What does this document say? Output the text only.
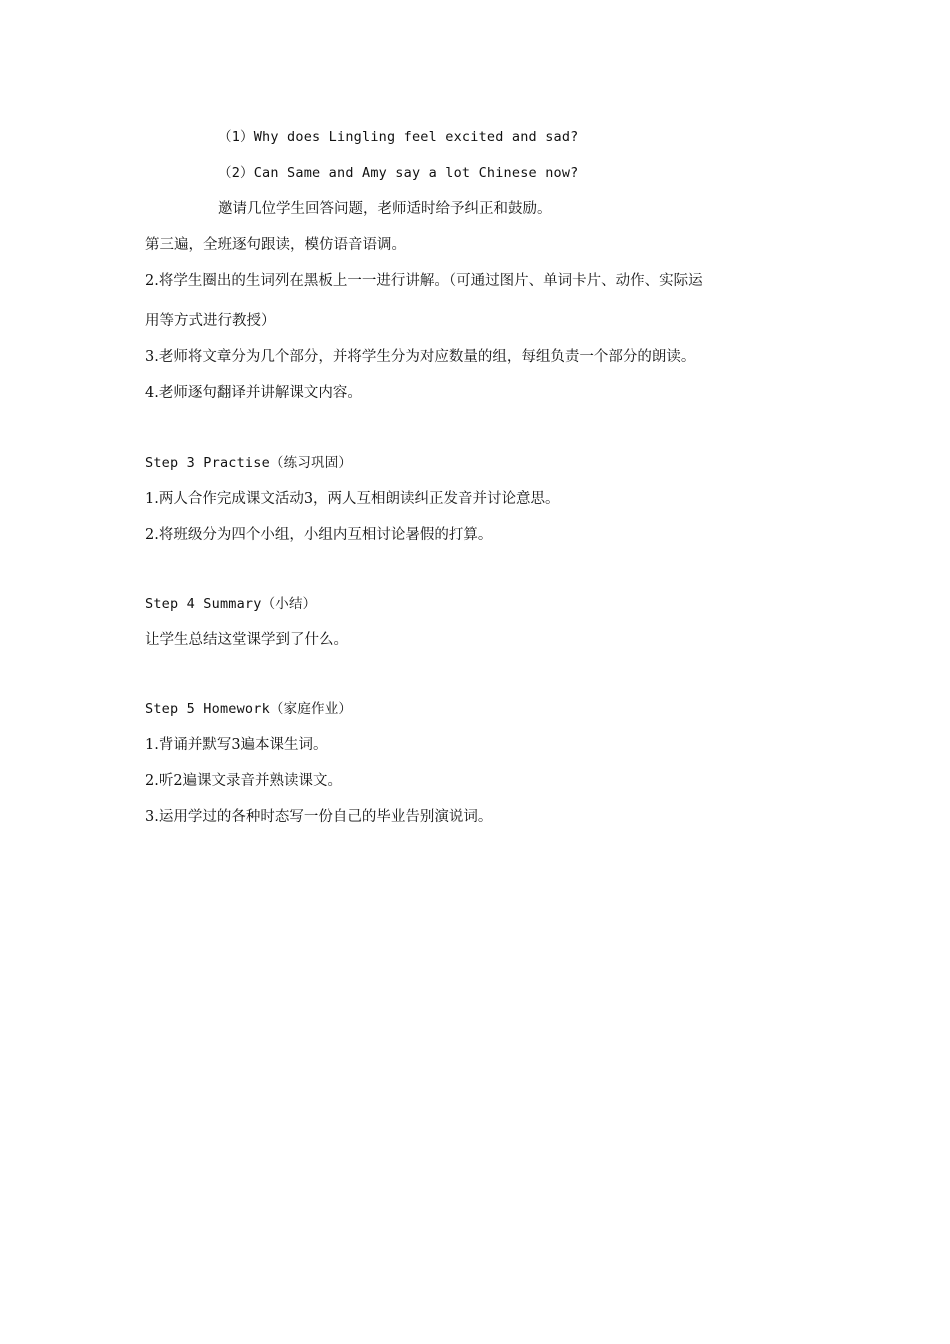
（1）Why does Lingling feel excited and sad?
（2）Can Same and Amy say a lot Chinese now?
邀请几位学生回答问题，老师适时给予纠正和鼓励。
第三遍，全班逐句跟读，模仿语音语调。
2.将学生圈出的生词列在黑板上一一进行讲解。（可通过图片、单词卡片、动作、实际运
用等方式进行教授）
3.老师将文章分为几个部分，并将学生分为对应数量的组，每组负责一个部分的朗读。
4.老师逐句翻译并讲解课文内容。
Step 3 Practise（练习巩固）
1.两人合作完成课文活动3，两人互相朗读纠正发音并讨论意思。
2.将班级分为四个小组，小组内互相讨论暑假的打算。
Step 4 Summary（小结）
让学生总结这堂课学到了什么。
Step 5 Homework（家庭作业）
1.背诵并默写3遍本课生词。
2.听2遍课文录音并熟读课文。
3.运用学过的各种时态写一份自己的毕业告别演说词。
